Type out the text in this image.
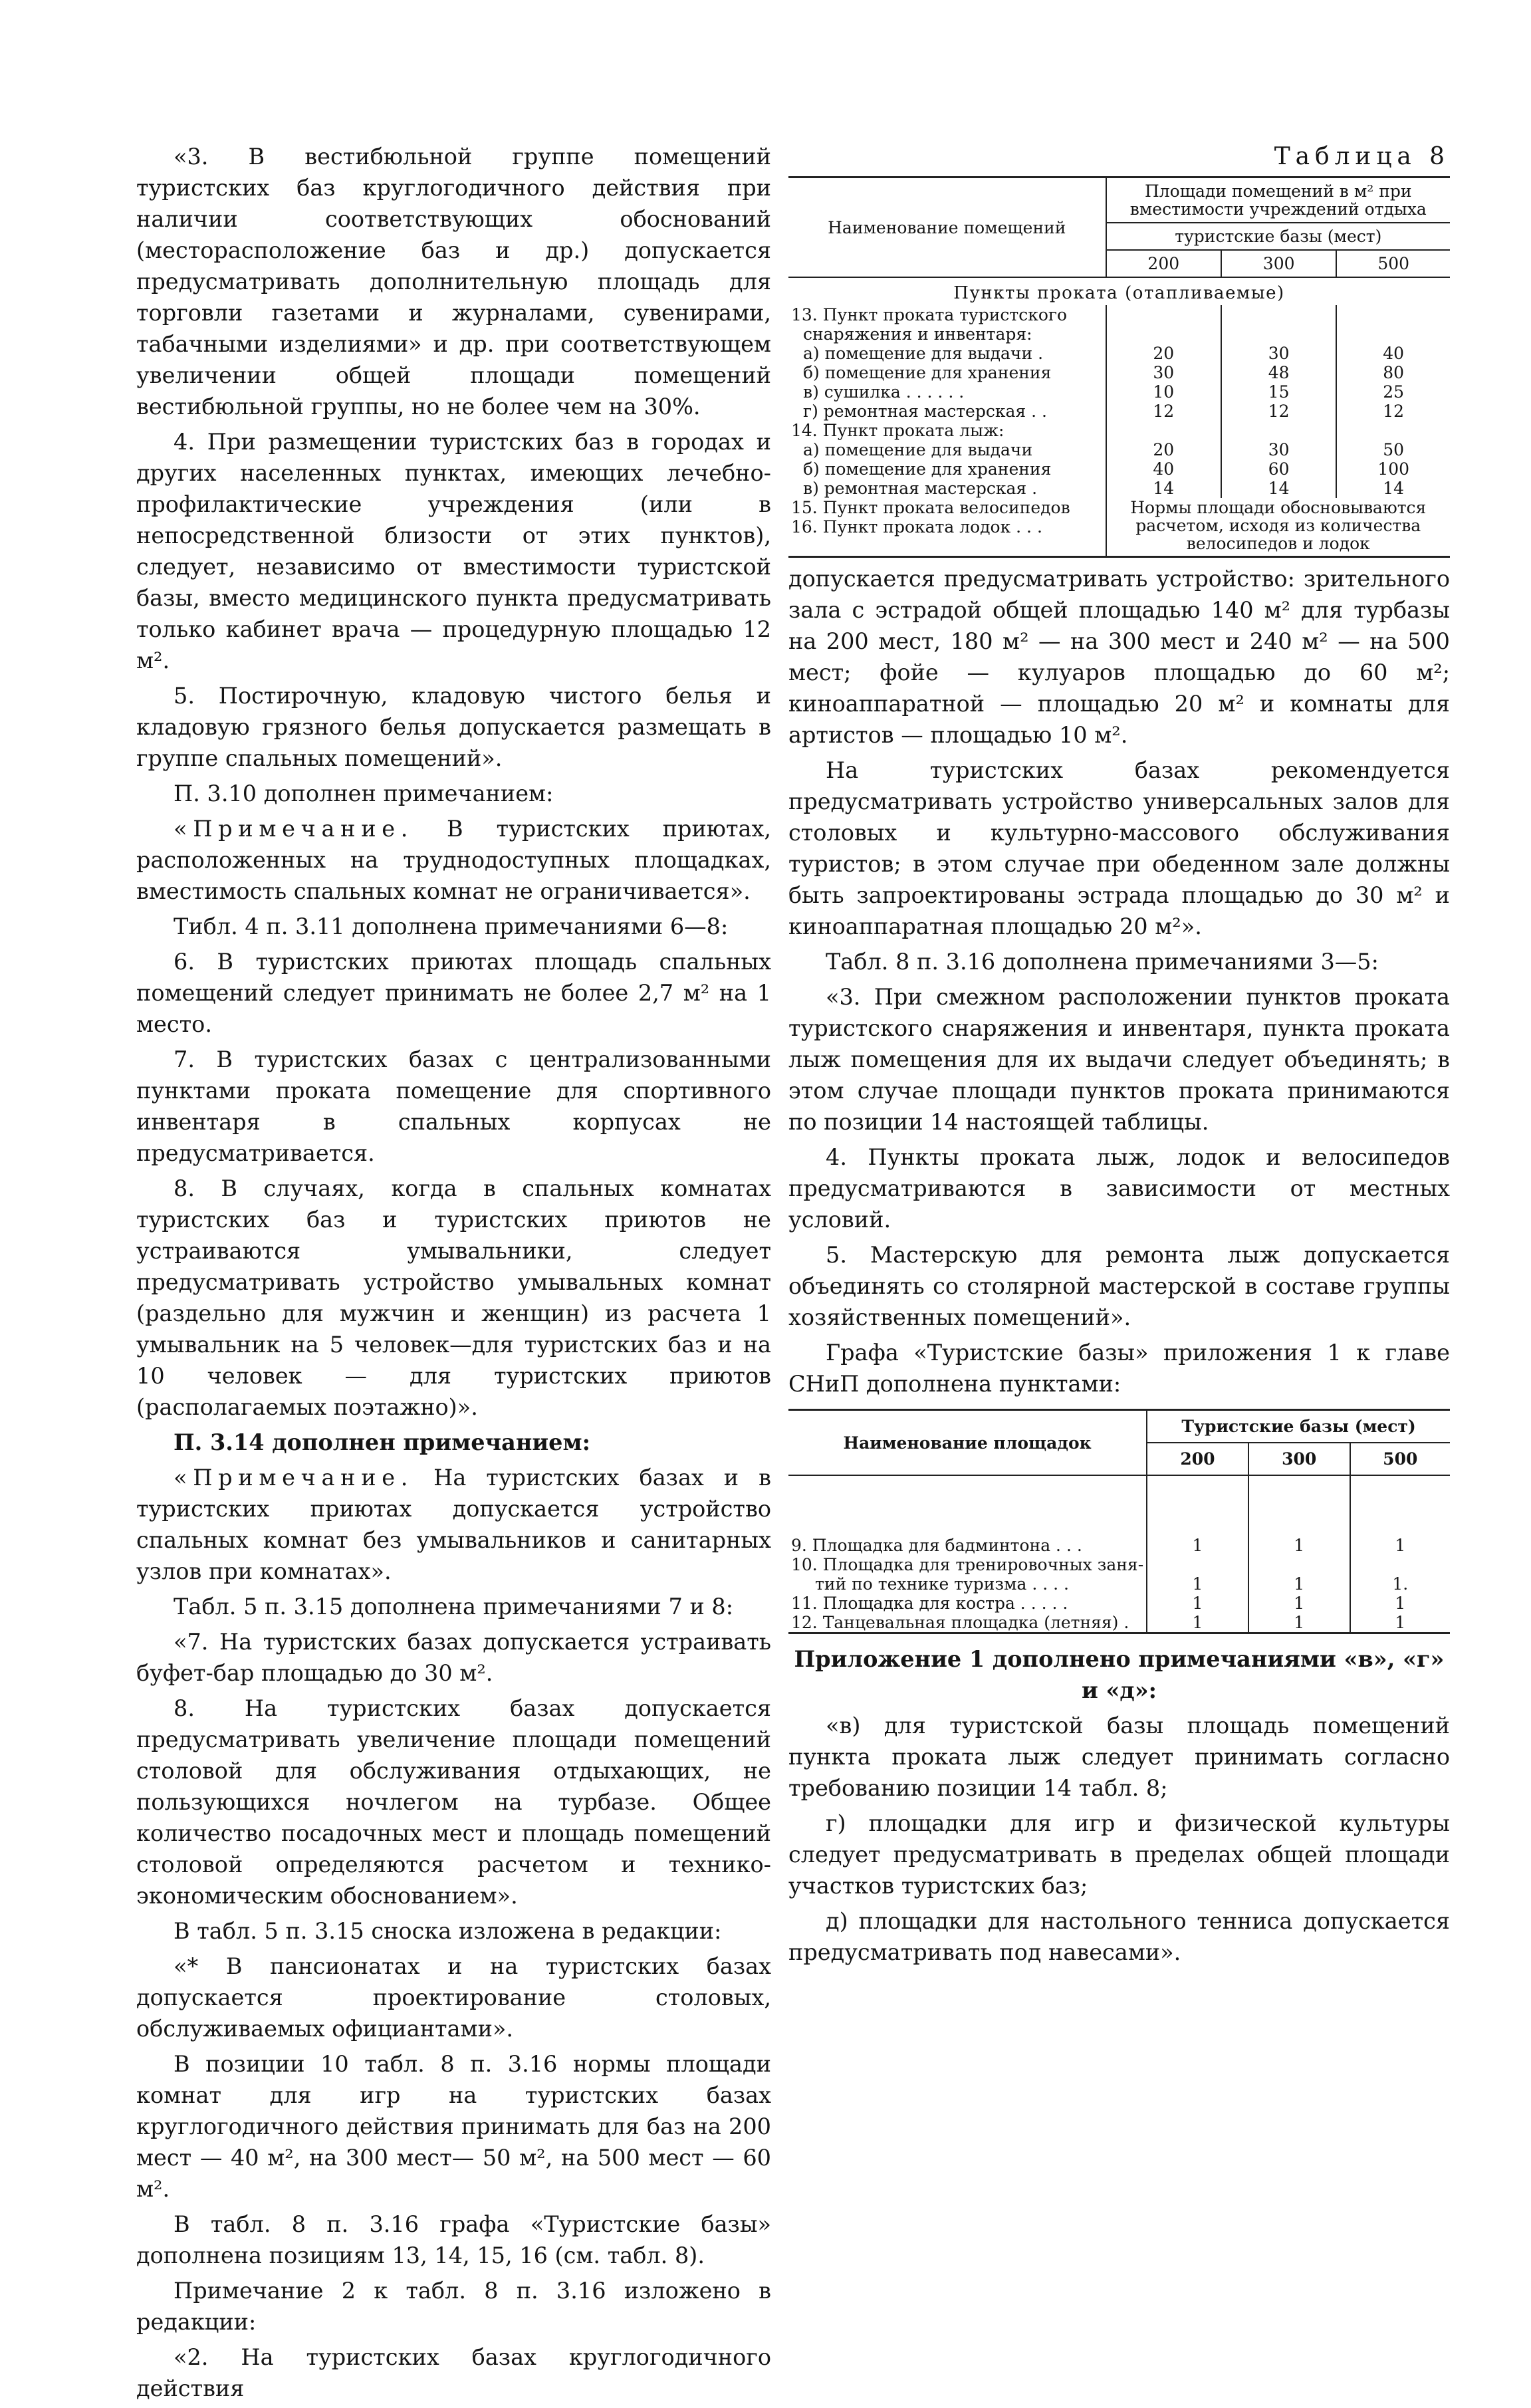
«3. В вестибюльной группе помещений туристских баз круглогодичного действия при наличии соответствующих обоснований (месторасположение баз и др.) допускается предусматривать дополнительную площадь для торговли газетами и журналами, сувенирами, табачными изделиями» и др. при соответствующем увеличении общей площади помещений вестибюльной группы, но не более чем на 30%.

4. При размещении туристских баз в городах и других населенных пунктах, имеющих лечебно-профилактические учреждения (или в непосредственной близости от этих пунктов), следует, независимо от вместимости туристской базы, вместо медицинского пункта предусматривать только кабинет врача — процедурную площадью 12 м².

5. Постирочную, кладовую чистого белья и кладовую грязного белья допускается размещать в группе спальных помещений».

П. 3.10 дополнен примечанием:

«Примечание. В туристских приютах, расположенных на труднодоступных площадках, вместимость спальных комнат не ограничивается».

Тибл. 4 п. 3.11 дополнена примечаниями 6—8:

6. В туристских приютах площадь спальных помещений следует принимать не более 2,7 м² на 1 место.

7. В туристских базах с централизованными пунктами проката помещение для спортивного инвентаря в спальных корпусах не предусматривается.

8. В случаях, когда в спальных комнатах туристских баз и туристских приютов не устраиваются умывальники, следует предусматривать устройство умывальных комнат (раздельно для мужчин и женщин) из расчета 1 умывальник на 5 человек—для туристских баз и на 10 человек — для туристских приютов (располагаемых поэтажно)».

П. 3.14 дополнен примечанием:

«Примечание. На туристских базах и в туристских приютах допускается устройство спальных комнат без умывальников и санитарных узлов при комнатах».

Табл. 5 п. 3.15 дополнена примечаниями 7 и 8:

«7. На туристских базах допускается устраивать буфет-бар площадью до 30 м².

8. На туристских базах допускается предусматривать увеличение площади помещений столовой для обслуживания отдыхающих, не пользующихся ночлегом на турбазе. Общее количество посадочных мест и площадь помещений столовой определяются расчетом и технико-экономическим обоснованием».

В табл. 5 п. 3.15 сноска изложена в редакции:

«* В пансионатах и на туристских базах допускается проектирование столовых, обслуживаемых официантами».

В позиции 10 табл. 8 п. 3.16 нормы площади комнат для игр на туристских базах круглогодичного действия принимать для баз на 200 мест — 40 м², на 300 мест— 50 м², на 500 мест — 60 м².

В табл. 8 п. 3.16 графа «Туристские базы» дополнена позициям 13, 14, 15, 16 (см. табл. 8).

Примечание 2 к табл. 8 п. 3.16 изложено в редакции:

«2. На туристских базах круглогодичного действия

Таблица 8
Наименование помещений	Площади помещений в м² при вместимости учреждений отдыха		
	туристские базы (мест)		
	200	300	500
Пункты проката (отапливаемые)			
13. Пункт проката туристского			
снаряжения и инвентаря:			
а) помещение для выдачи .	20	30	40
б) помещение для хранения	30	48	80
в) сушилка . . . . . .	10	15	25
г) ремонтная мастерская . .	12	12	12
14. Пункт проката лыж:			
а) помещение для выдачи	20	30	50
б) помещение для хранения	40	60	100
в) ремонтная мастерская .	14	14	14
15. Пункт проката велосипедов	Нормы площади обосновываются расчетом, исходя из количества велосипедов и лодок		
16. Пункт проката лодок . . .			

допускается предусматривать устройство: зрительного зала с эстрадой общей площадью 140 м² для турбазы на 200 мест, 180 м² — на 300 мест и 240 м² — на 500 мест; фойе — кулуаров площадью до 60 м²; киноаппаратной — площадью 20 м² и комнаты для артистов — площадью 10 м².

На туристских базах рекомендуется предусматривать устройство универсальных залов для столовых и культурно-массового обслуживания туристов; в этом случае при обеденном зале должны быть запроектированы эстрада площадью до 30 м² и киноаппаратная площадью 20 м²».

Табл. 8 п. 3.16 дополнена примечаниями 3—5:

«3. При смежном расположении пунктов проката туристского снаряжения и инвентаря, пункта проката лыж помещения для их выдачи следует объединять; в этом случае площади пунктов проката принимаются по позиции 14 настоящей таблицы.

4. Пункты проката лыж, лодок и велосипедов предусматриваются в зависимости от местных условий.

5. Мастерскую для ремонта лыж допускается объединять со столярной мастерской в составе группы хозяйственных помещений».

Графа «Туристские базы» приложения 1 к главе СНиП дополнена пунктами:

Наименование площадок	Туристские базы (мест)		
	200	300	500

9. Площадка для бадминтона . . .	1	1	1
10. Площадка для тренировочных заня-			
тий по технике туризма . . . .	1	1	1.
11. Площадка для костра . . . . .	1	1	1
12. Танцевальная площадка (летняя) .	1	1	1

Приложение 1 дополнено примечаниями «в», «г» и «д»:

«в) для туристской базы площадь помещений пункта проката лыж следует принимать согласно требованию позиции 14 табл. 8;

г) площадки для игр и физической культуры следует предусматривать в пределах общей площади участков туристских баз;

д) площадки для настольного тенниса допускается предусматривать под навесами».
